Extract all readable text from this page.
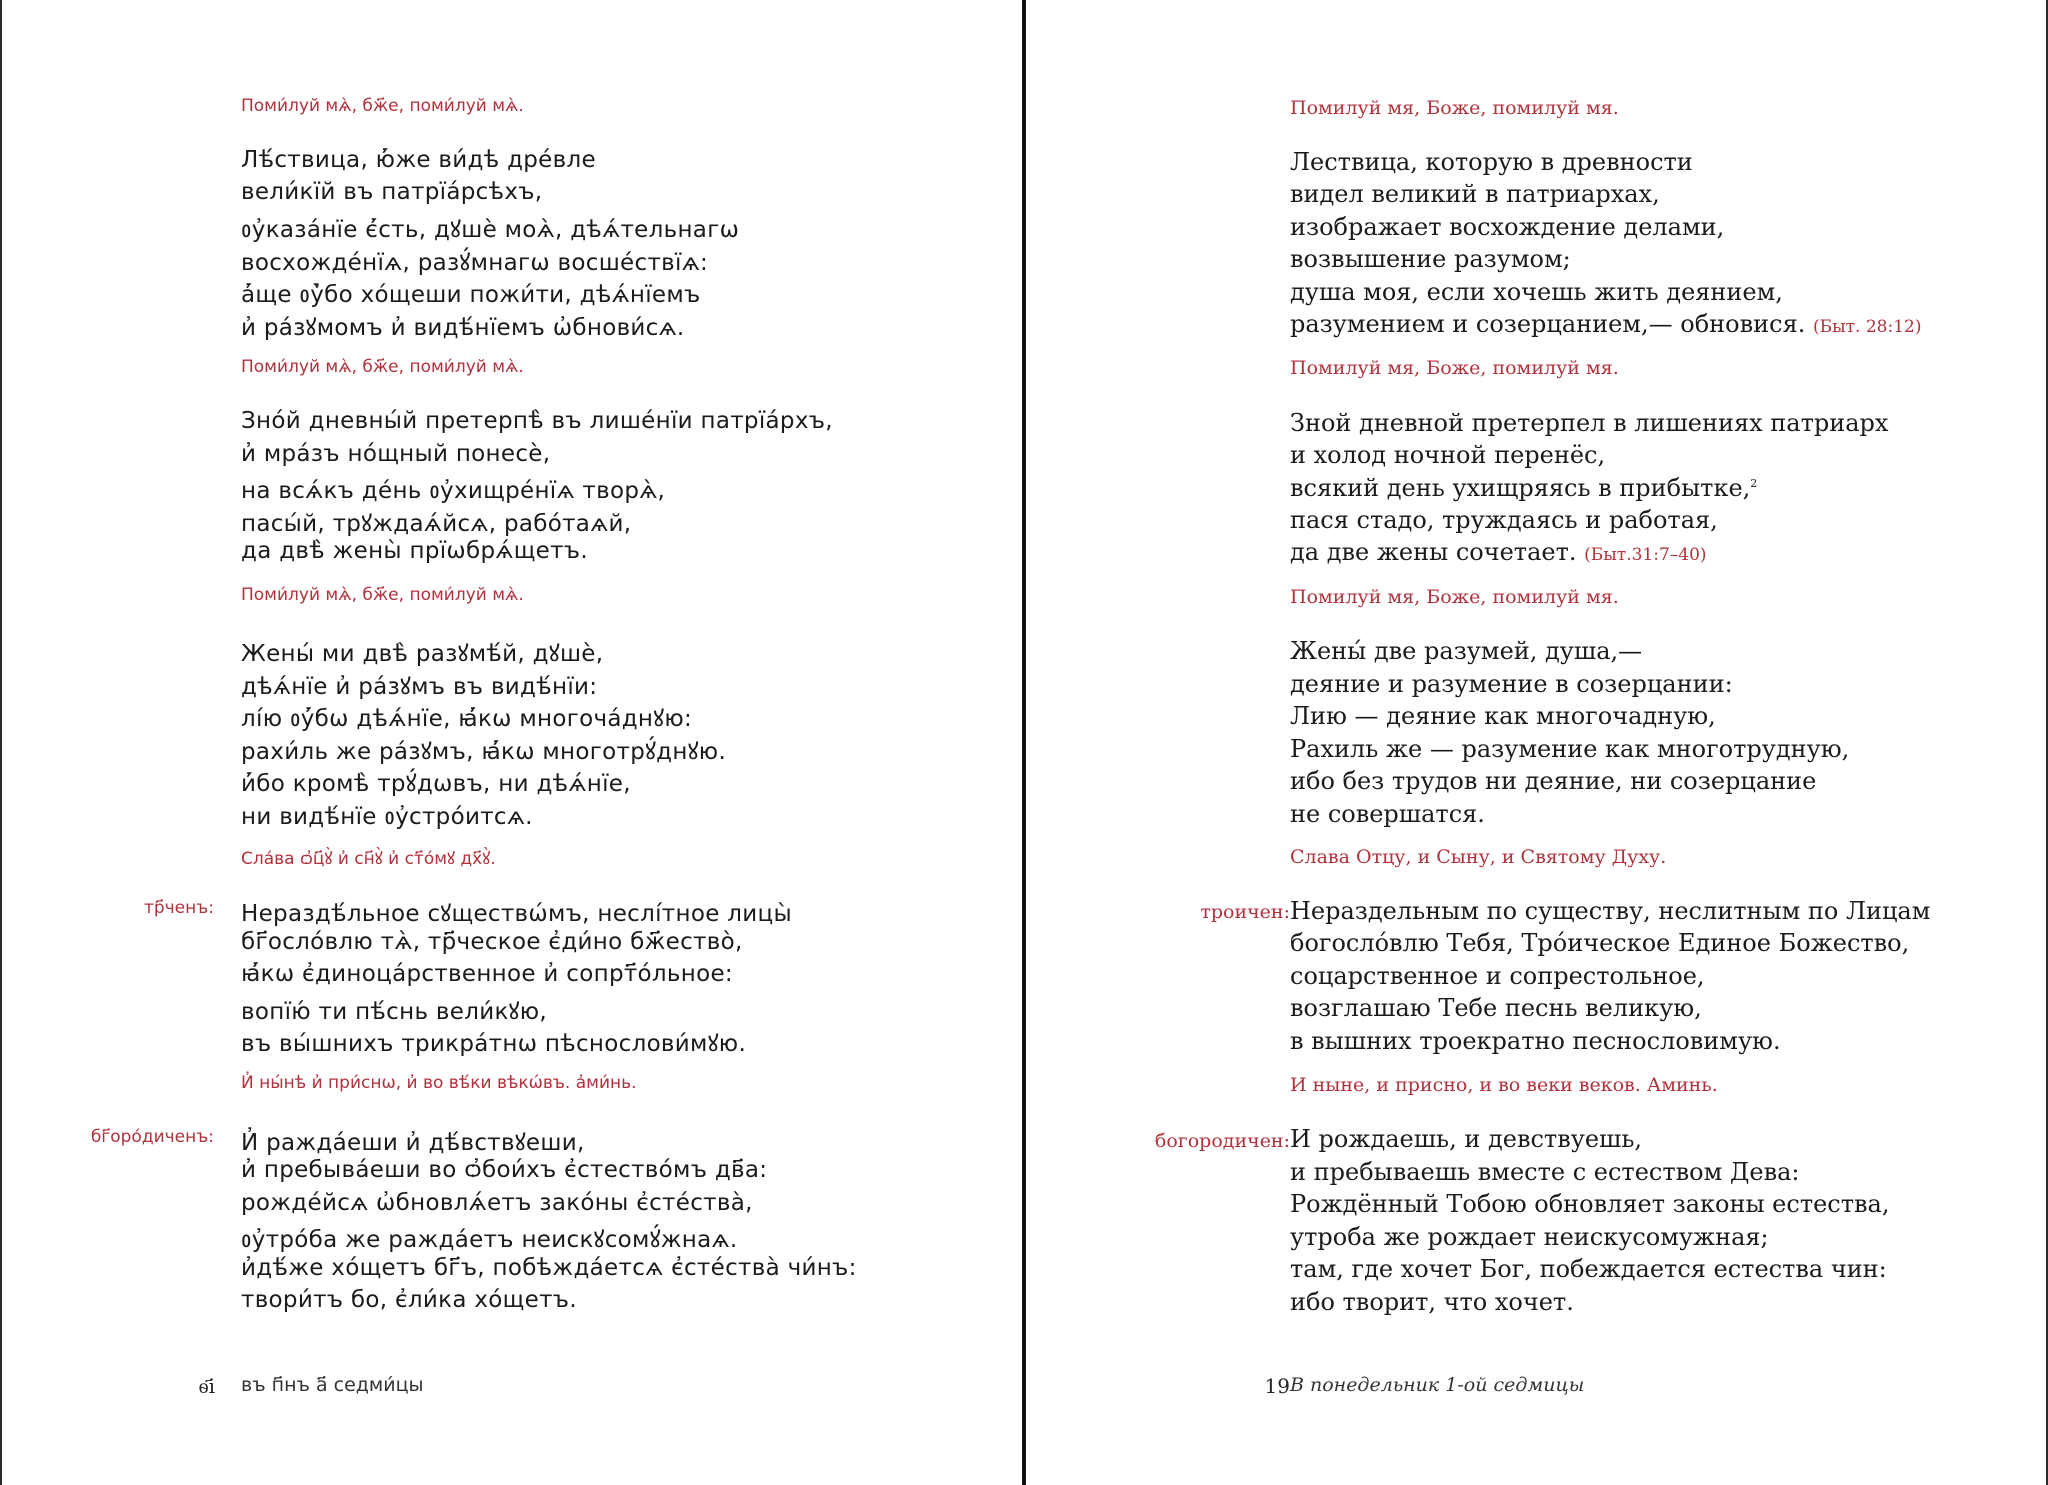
Поми́луй мѧ̀, бж҃е, поми́луй мѧ̀.
Лѣ́ствица, ю҆́же ви́дѣ дре́вле
вели́кїй въ патрїа́рсѣхъ,
ᲂу҆каза́нїе є҆́сть, дꙋшѐ моѧ̀, дѣѧ́тельнагѡ
восхожде́нїѧ, разꙋ́мнагѡ восше́ствїѧ:
а҆́ще ᲂу҆̀бо хо́щеши пожи́ти, дѣѧ́нїемъ
и҆ ра́зꙋмомъ и҆ видѣ́нїемъ ѡ҆бнови́сѧ.
Поми́луй мѧ̀, бж҃е, поми́луй мѧ̀.
Зно́й дневны́й претерпѣ̀ въ лише́нїи патрїа́рхъ,
и҆ мра́зъ но́щный понесѐ,
на всѧ́къ де́нь ᲂу҆хищре́нїѧ творѧ̀,
пасы́й, трꙋждаѧ́йсѧ, рабо́таѧй,
да двѣ̀ жены̀ прїѡбрѧ́щетъ.
Поми́луй мѧ̀, бж҃е, поми́луй мѧ̀.
Жены́ ми двѣ̀ разꙋмѣ́й, дꙋшѐ,
дѣѧ́нїе и҆ ра́зꙋмъ въ видѣ́нїи:
лі́ю ᲂу҆́бѡ дѣѧ́нїе, ꙗ҆́кѡ многоча́днꙋю:
рахи́ль же ра́зꙋмъ, ꙗ҆́кѡ многотрꙋ́днꙋю.
и҆́бо кромѣ̀ трꙋ́дѡвъ, ни дѣѧ́нїе,
ни видѣ́нїе ᲂу҆стро́итсѧ.
Сла́ва ѻ҆ц҃ꙋ̀ и҆ сн҃ꙋ̀ и҆ ст҃о́мꙋ дх҃ꙋ̀.
тр҃ченъ: Нераздѣ́льное сꙋществѡ́мъ, неслі́тное лицы̀
бг҃осло́влю тѧ̀, тр҃ческое є҆ди́но бж҃ество̀,
ꙗ҆́кѡ є҆диноца́рственное и҆ сопрт҃о́льное:
вопїю́ ти пѣ́снь вели́кꙋю,
въ вы́шнихъ трикра́тнѡ пѣснослови́мꙋю.
И҆ ны́нѣ и҆ при́снѡ, и҆ во вѣ́ки вѣкѡ́въ. а҆ми́нь.
бг҃оро́диченъ: И҆ ражда́еши и҆ дѣ́вствꙋеши,
и҆ пребыва́еши во ѻ҆бои́хъ є҆стество́мъ дв҃а:
рожде́йсѧ ѡ҆бновлѧ́етъ зако́ны є҆сте́ства̀,
ᲂу҆тро́ба же ражда́етъ неискꙋсомꙋ́жнаѧ.
и҆дѣ́же хо́щетъ бг҃ъ, побѣжда́етсѧ є҆сте́ства̀ чи́нъ:
твори́тъ бо, є҆ли́ка хо́щетъ.
ѳ҃і въ п҃нъ а҃ седми́цы
Помилуй мя, Боже, помилуй мя.
Лествица, которую в древности
видел великий в патриархах,
изображает восхождение делами,
возвышение разумом;
душа моя, если хочешь жить деянием,
разумением и созерцанием,— обновися. (Быт. 28:12)
Помилуй мя, Боже, помилуй мя.
Зной дневной претерпел в лишениях патриарх
и холод ночной перенёс,
всякий день ухищряясь в прибытке,$^2$
пася стадо, труждаясь и работая,
да две жены сочетает. (Быт.31:7–40)
Помилуй мя, Боже, помилуй мя.
Жены́ две разумей, душа,—
деяние и разумение в созерцании:
Лию — деяние как многочадную,
Рахиль же — разумение как многотрудную,
ибо без трудов ни деяние, ни созерцание
не совершатся.
Слава Отцу, и Сыну, и Святому Духу.
троичен: Нераздельным по существу, неслитным по Лицам
богосло́влю Тебя, Тро́ическое Единое Божество,
соцарственное и сопрестольное,
возглашаю Тебе песнь великую,
в вышних троекратно песнословимую.
И ныне, и присно, и во веки веков. Аминь.
богородичен: И рождаешь, и девствуешь,
и пребываешь вместе с естеством Дева:
Рождённый Тобою обновляет законы естества,
утроба же рождает неискусомужная;
там, где хочет Бог, побеждается естества чин:
ибо творит, что хочет.
19 В понедельник 1-ой седмицы
